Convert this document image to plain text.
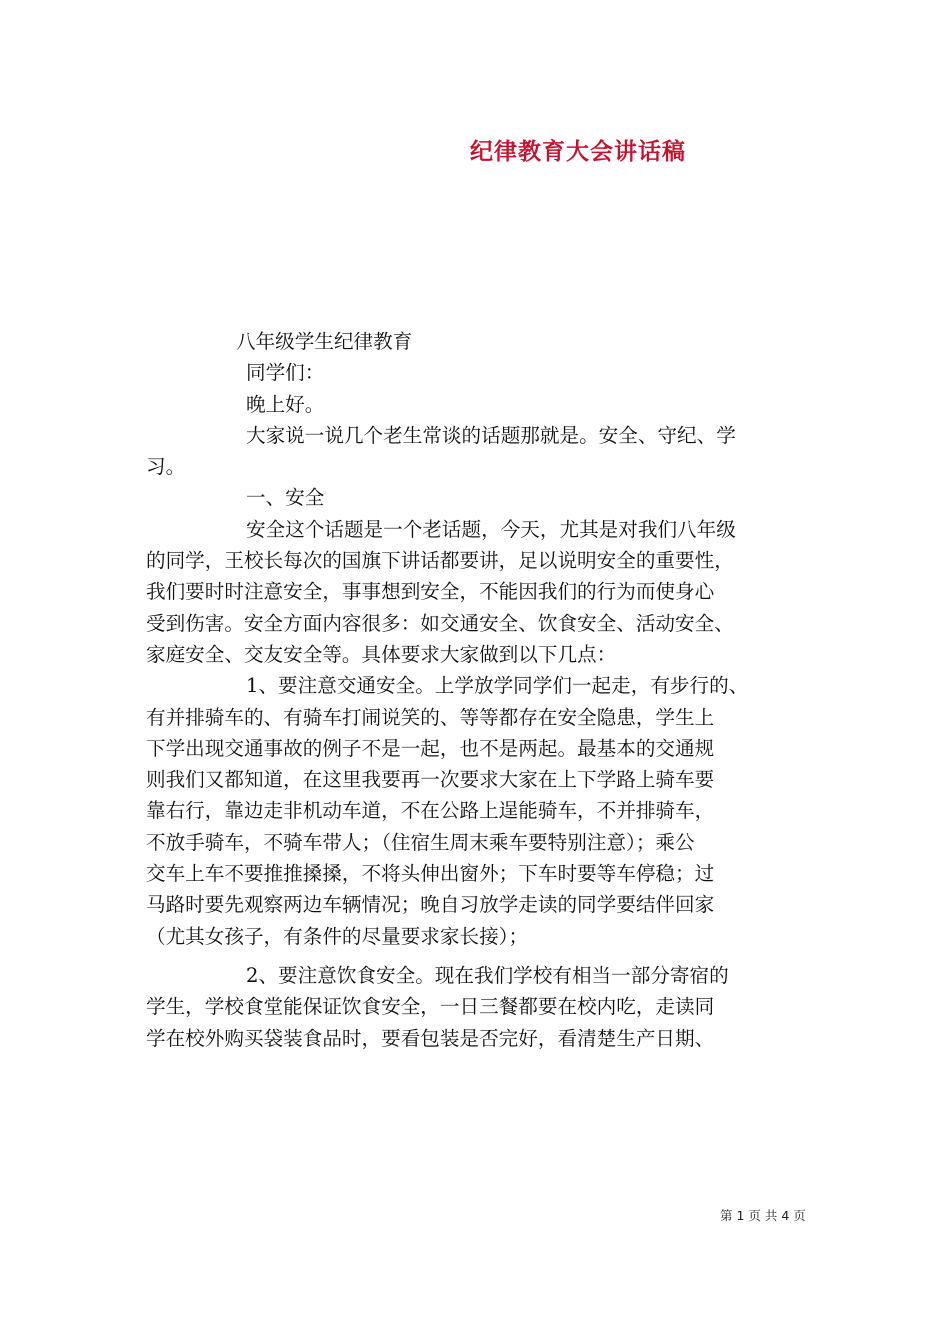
纪律教育大会讲话稿
八年级学生纪律教育
同学们：
晚上好。
大家说一说几个老生常谈的话题那就是。安全、守纪、学
习。
一、安全
安全这个话题是一个老话题，今天，尤其是对我们八年级
的同学，王校长每次的国旗下讲话都要讲，足以说明安全的重要性，
我们要时时注意安全，事事想到安全，不能因我们的行为而使身心
受到伤害。安全方面内容很多：如交通安全、饮食安全、活动安全、
家庭安全、交友安全等。具体要求大家做到以下几点：
1、要注意交通安全。上学放学同学们一起走，有步行的、
有并排骑车的、有骑车打闹说笑的、等等都存在安全隐患，学生上
下学出现交通事故的例子不是一起，也不是两起。最基本的交通规
则我们又都知道，在这里我要再一次要求大家在上下学路上骑车要
靠右行，靠边走非机动车道，不在公路上逞能骑车，不并排骑车，
不放手骑车，不骑车带人；（住宿生周末乘车要特别注意）；乘公
交车上车不要推推搡搡，不将头伸出窗外；下车时要等车停稳；过
马路时要先观察两边车辆情况；晚自习放学走读的同学要结伴回家
（尤其女孩子，有条件的尽量要求家长接）；
2、要注意饮食安全。现在我们学校有相当一部分寄宿的
学生，学校食堂能保证饮食安全，一日三餐都要在校内吃，走读同
学在校外购买袋装食品时，要看包装是否完好，看清楚生产日期、
第 1 页 共 4 页
